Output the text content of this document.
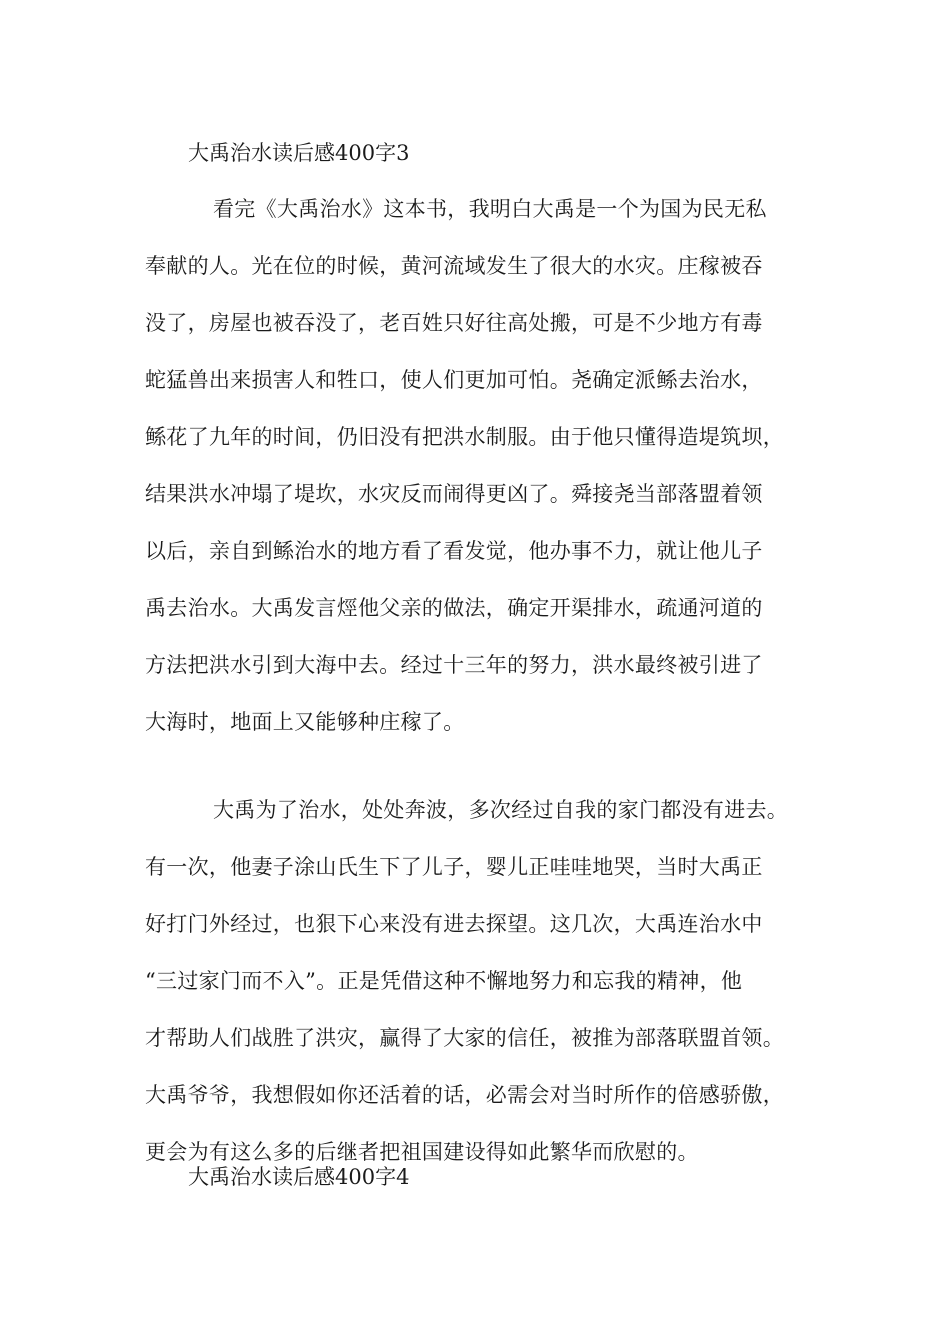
大禹治水读后感400字3
看完《大禹治水》这本书，我明白大禹是一个为国为民无私
奉献的人。光在位的时候，黄河流域发生了很大的水灾。庄稼被吞
没了，房屋也被吞没了，老百姓只好往高处搬，可是不少地方有毒
蛇猛兽出来损害人和牲口，使人们更加可怕。尧确定派鲧去治水，
鲧花了九年的时间，仍旧没有把洪水制服。由于他只懂得造堤筑坝，
结果洪水冲塌了堤坎，水灾反而闹得更凶了。舜接尧当部落盟着领
以后，亲自到鲧治水的地方看了看发觉，他办事不力，就让他儿子
禹去治水。大禹发言烴他父亲的做法，确定开渠排水，疏通河道的
方法把洪水引到大海中去。经过十三年的努力，洪水最终被引进了
大海时，地面上又能够种庄稼了。
大禹为了治水，处处奔波，多次经过自我的家门都没有进去。
有一次，他妻子涂山氏生下了儿子，婴儿正哇哇地哭，当时大禹正
好打门外经过，也狠下心来没有进去探望。这几次，大禹连治水中
“三过家门而不入”。正是凭借这种不懈地努力和忘我的精神，他
才帮助人们战胜了洪灾，赢得了大家的信任，被推为部落联盟首领。
大禹爷爷，我想假如你还活着的话，必需会对当时所作的倍感骄傲，
更会为有这么多的后继者把祖国建设得如此繁华而欣慰的。
大禹治水读后感400字4
